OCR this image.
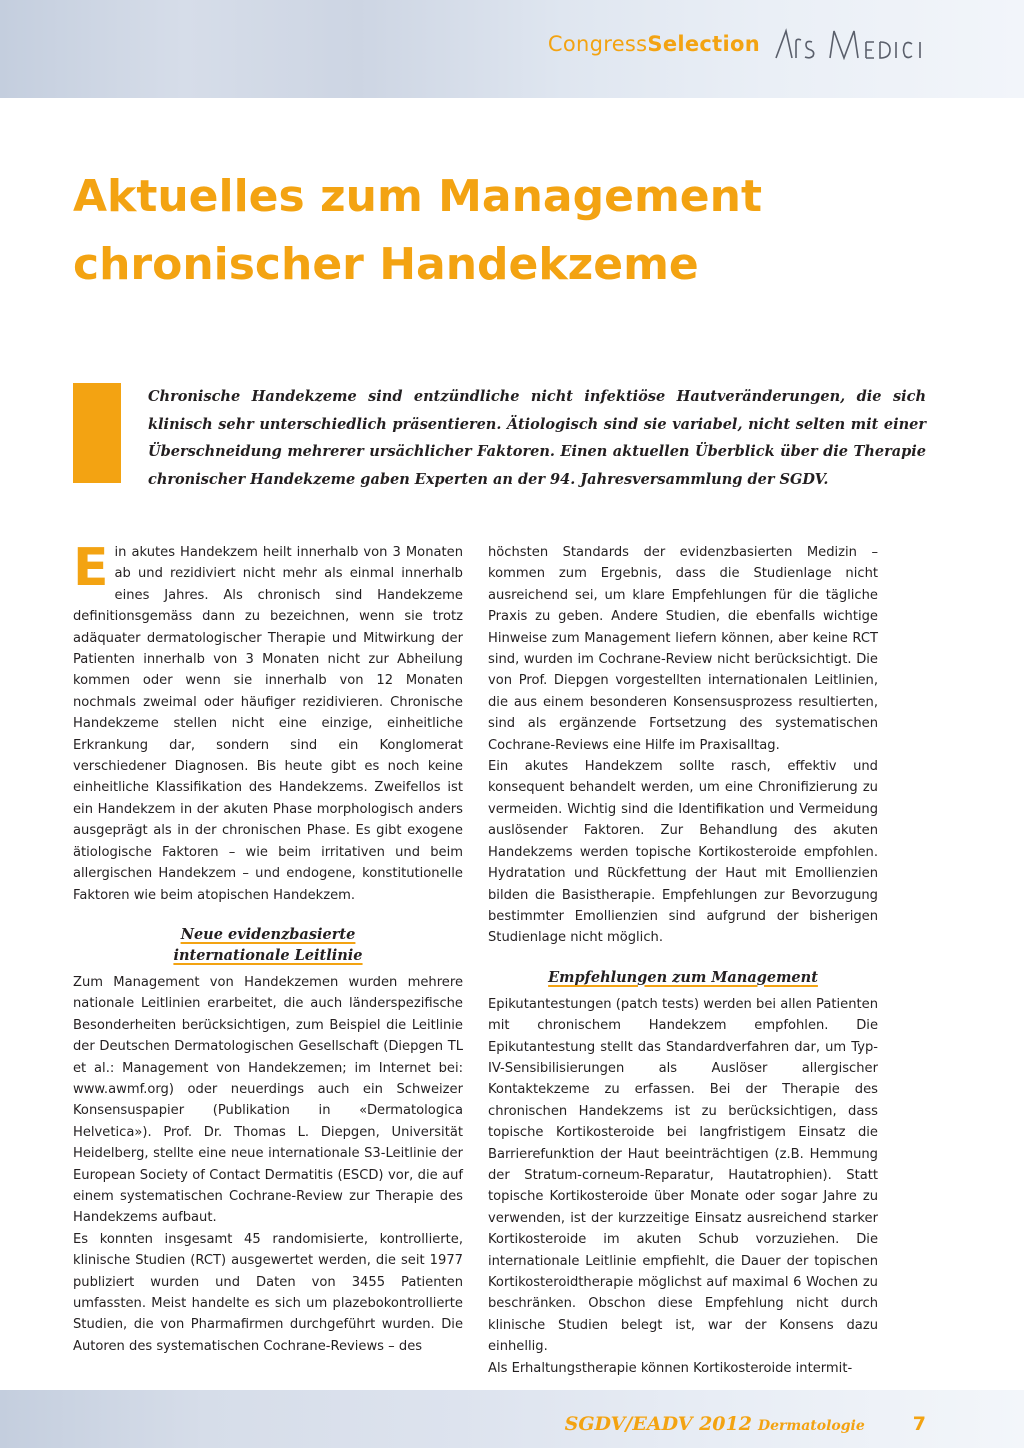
Congress Selection
Aktuelles zum Management chronischer Handekzeme

Chronische Handekzeme sind entzündliche nicht infektiöse Hautveränderungen, die sich klinisch sehr unterschiedlich präsentieren. Ätiologisch sind sie variabel, nicht selten mit einer Überschneidung mehrerer ursächlicher Faktoren. Einen aktuellen Überblick über die Therapie chronischer Handekzeme gaben Experten an der 94. Jahresversammlung der SGDV.

Ein akutes Handekzem heilt innerhalb von 3 Monaten ab und rezidiviert nicht mehr als einmal innerhalb eines Jahres. Als chronisch sind Handekzeme definitionsgemäss dann zu bezeichnen, wenn sie trotz adäquater dermatologischer Therapie und Mitwirkung der Patienten innerhalb von 3 Monaten nicht zur Abheilung kommen oder wenn sie innerhalb von 12 Monaten nochmals zweimal oder häufiger rezidivieren. Chronische Handekzeme stellen nicht eine einzige, einheitliche Erkrankung dar, sondern sind ein Konglomerat verschiedener Diagnosen. Bis heute gibt es noch keine einheitliche Klassifikation des Handekzems. Zweifellos ist ein Handekzem in der akuten Phase morphologisch anders ausgeprägt als in der chronischen Phase. Es gibt exogene ätiologische Faktoren – wie beim irritativen und beim allergischen Handekzem – und endogene, konstitutionelle Faktoren wie beim atopischen Handekzem.

Neue evidenzbasierte
internationale Leitlinie

Zum Management von Handekzemen wurden mehrere nationale Leitlinien erarbeitet, die auch länderspezifische Besonderheiten berücksichtigen, zum Beispiel die Leitlinie der Deutschen Dermatologischen Gesellschaft (Diepgen TL et al.: Management von Handekzemen; im Internet bei: www.awmf.org) oder neuerdings auch ein Schweizer Konsensuspapier (Publikation in «Dermatologica Helvetica»). Prof. Dr. Thomas L. Diepgen, Universität Heidelberg, stellte eine neue internationale S3-Leitlinie der European Society of Contact Dermatitis (ESCD) vor, die auf einem systematischen Cochrane-Review zur Therapie des Handekzems aufbaut.

Es konnten insgesamt 45 randomisierte, kontrollierte, klinische Studien (RCT) ausgewertet werden, die seit 1977 publiziert wurden und Daten von 3455 Patienten umfassten. Meist handelte es sich um plazebokontrollierte Studien, die von Pharmafirmen durchgeführt wurden. Die Autoren des systematischen Cochrane-Reviews – des

höchsten Standards der evidenzbasierten Medizin – kommen zum Ergebnis, dass die Studienlage nicht ausreichend sei, um klare Empfehlungen für die tägliche Praxis zu geben. Andere Studien, die ebenfalls wichtige Hinweise zum Management liefern können, aber keine RCT sind, wurden im Cochrane-Review nicht berücksichtigt. Die von Prof. Diepgen vorgestellten internationalen Leitlinien, die aus einem besonderen Konsensusprozess resultierten, sind als ergänzende Fortsetzung des systematischen Cochrane-Reviews eine Hilfe im Praxisalltag.

Ein akutes Handekzem sollte rasch, effektiv und konsequent behandelt werden, um eine Chronifizierung zu vermeiden. Wichtig sind die Identifikation und Vermeidung auslösender Faktoren. Zur Behandlung des akuten Handekzems werden topische Kortikosteroide empfohlen. Hydratation und Rückfettung der Haut mit Emollienzien bilden die Basistherapie. Empfehlungen zur Bevorzugung bestimmter Emollienzien sind aufgrund der bisherigen Studienlage nicht möglich.

Empfehlungen zum Management

Epikutantestungen (patch tests) werden bei allen Patienten mit chronischem Handekzem empfohlen. Die Epikutantestung stellt das Standardverfahren dar, um Typ-IV-Sensibilisierungen als Auslöser allergischer Kontaktekzeme zu erfassen. Bei der Therapie des chronischen Handekzems ist zu berücksichtigen, dass topische Kortikosteroide bei langfristigem Einsatz die Barrierefunktion der Haut beeinträchtigen (z.B. Hemmung der Stratum-corneum-Reparatur, Hautatrophien). Statt topische Kortikosteroide über Monate oder sogar Jahre zu verwenden, ist der kurzzeitige Einsatz ausreichend starker Kortikosteroide im akuten Schub vorzuziehen. Die internationale Leitlinie empfiehlt, die Dauer der topischen Kortikosteroidtherapie möglichst auf maximal 6 Wochen zu beschränken. Obschon diese Empfehlung nicht durch klinische Studien belegt ist, war der Konsens dazu einhellig.

Als Erhaltungstherapie können Kortikosteroide intermit-

SGDV/EADV 2012 Dermatologie	7
